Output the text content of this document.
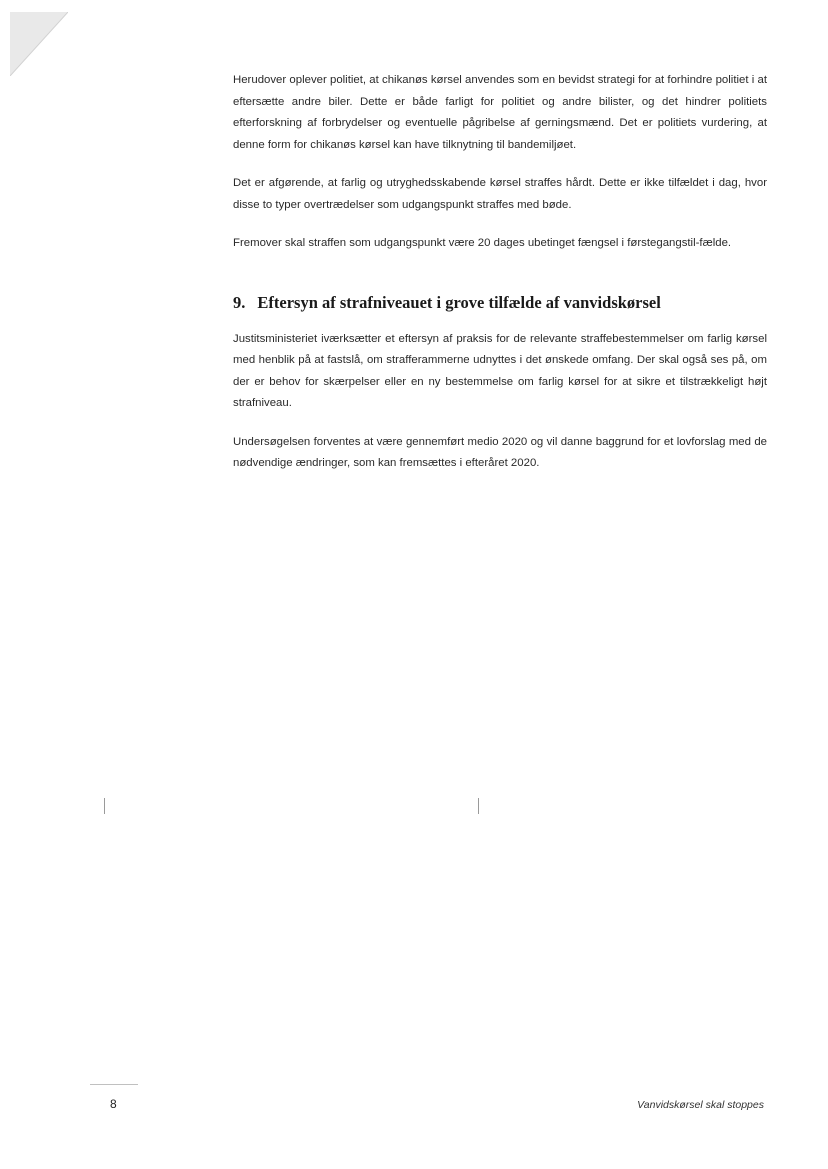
Herudover oplever politiet, at chikanøs kørsel anvendes som en bevidst strategi for at forhindre politiet i at eftersætte andre biler. Dette er både farligt for politiet og andre bilister, og det hindrer politiets efterforskning af forbrydelser og eventuelle pågribelse af gerningsmænd. Det er politiets vurdering, at denne form for chikanøs kørsel kan have tilknytning til bandemiljøet.

Det er afgørende, at farlig og utryghedsskabende kørsel straffes hårdt. Dette er ikke tilfældet i dag, hvor disse to typer overtrædelser som udgangspunkt straffes med bøde.

Fremover skal straffen som udgangspunkt være 20 dages ubetinget fængsel i førstegangstil-fælde.

9. Eftersyn af strafniveauet i grove tilfælde af vanvidskørsel

Justitsministeriet iværksætter et eftersyn af praksis for de relevante straffebestemmelser om farlig kørsel med henblik på at fastslå, om strafferammerne udnyttes i det ønskede omfang. Der skal også ses på, om der er behov for skærpelser eller en ny bestemmelse om farlig kørsel for at sikre et tilstrækkeligt højt strafniveau.

Undersøgelsen forventes at være gennemført medio 2020 og vil danne baggrund for et lovforslag med de nødvendige ændringer, som kan fremsættes i efteråret 2020.

8	Vanvidskørsel skal stoppes
